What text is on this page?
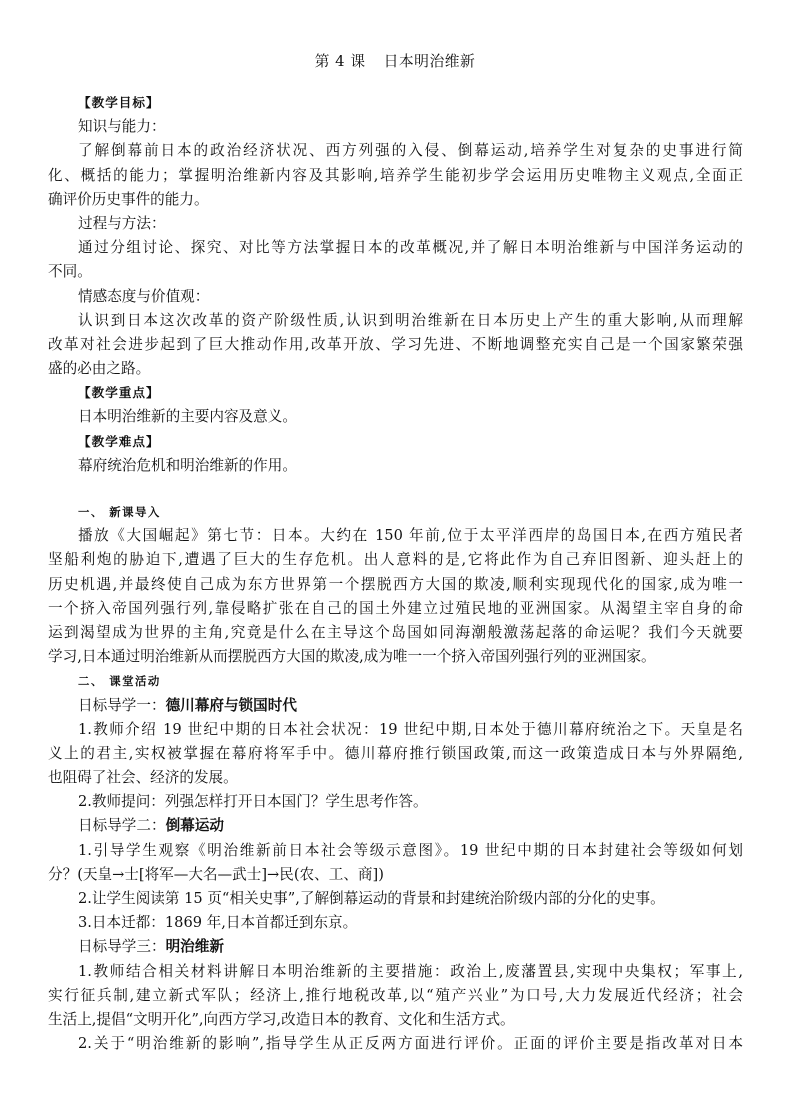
第 4 课 日本明治维新
【教学目标】
知识与能力：
了解倒幕前日本的政治经济状况、西方列强的入侵、倒幕运动,培养学生对复杂的史事进行简
化、概括的能力；掌握明治维新内容及其影响,培养学生能初步学会运用历史唯物主义观点,全面正
确评价历史事件的能力。
过程与方法：
通过分组讨论、探究、对比等方法掌握日本的改革概况,并了解日本明治维新与中国洋务运动的
不同。
情感态度与价值观：
认识到日本这次改革的资产阶级性质,认识到明治维新在日本历史上产生的重大影响,从而理解
改革对社会进步起到了巨大推动作用,改革开放、学习先进、不断地调整充实自己是一个国家繁荣强
盛的必由之路。
【教学重点】
日本明治维新的主要内容及意义。
【教学难点】
幕府统治危机和明治维新的作用。
一、 新课导入
播放《大国崛起》第七节：日本。大约在 150 年前,位于太平洋西岸的岛国日本,在西方殖民者
坚船利炮的胁迫下,遭遇了巨大的生存危机。出人意料的是,它将此作为自己弃旧图新、迎头赶上的
历史机遇,并最终使自己成为东方世界第一个摆脱西方大国的欺凌,顺利实现现代化的国家,成为唯一
一个挤入帝国列强行列,靠侵略扩张在自己的国土外建立过殖民地的亚洲国家。从渴望主宰自身的命
运到渴望成为世界的主角,究竟是什么在主导这个岛国如同海潮般激荡起落的命运呢？我们今天就要
学习,日本通过明治维新从而摆脱西方大国的欺凌,成为唯一一个挤入帝国列强行列的亚洲国家。
二、 课堂活动
日标导学一：德川幕府与锁国时代
1.教师介绍 19 世纪中期的日本社会状况：19 世纪中期,日本处于德川幕府统治之下。天皇是名
义上的君主,实权被掌握在幕府将军手中。德川幕府推行锁国政策,而这一政策造成日本与外界隔绝,
也阻碍了社会、经济的发展。
2.教师提问：列强怎样打开日本国门？学生思考作答。
日标导学二：倒幕运动
1.引导学生观察《明治维新前日本社会等级示意图》。19 世纪中期的日本封建社会等级如何划
分？(天皇→士[将军—大名—武士]→民(农、工、商])
2.让学生阅读第 15 页“相关史事”,了解倒幕运动的背景和封建统治阶级内部的分化的史事。
3.日本迁都：1869 年,日本首都迁到东京。
日标导学三：明治维新
1.教师结合相关材料讲解日本明治维新的主要措施：政治上,废藩置县,实现中央集权；军事上,
实行征兵制,建立新式军队；经济上,推行地税改革,以“殖产兴业”为口号,大力发展近代经济；社会
生活上,提倡“文明开化”,向西方学习,改造日本的教育、文化和生活方式。
2.关于“明治维新的影响”,指导学生从正反两方面进行评价。正面的评价主要是指改革对日本
